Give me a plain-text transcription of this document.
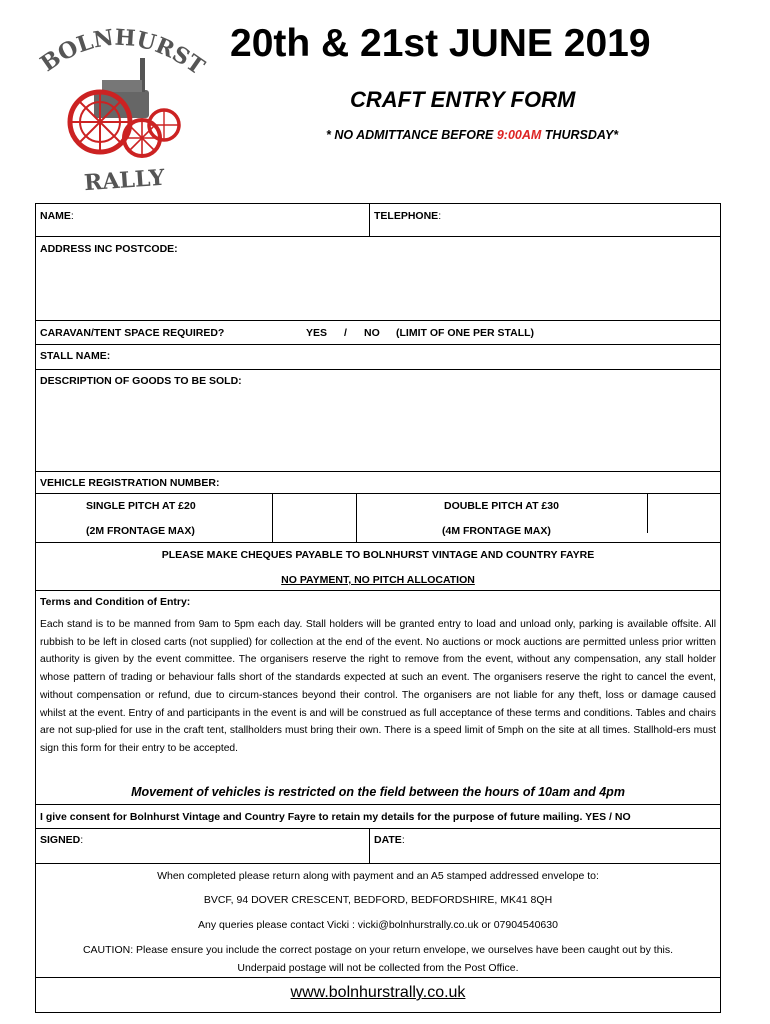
BOLNHURST
RALLY
20th & 21st JUNE 2019
CRAFT ENTRY FORM
* NO ADMITTANCE BEFORE 9:00AM THURSDAY*
NAME:	TELEPHONE:
ADDRESS INC POSTCODE:
CARAVAN/TENT SPACE REQUIRED?	YES / NO (LIMIT OF ONE PER STALL)
STALL NAME:
DESCRIPTION OF GOODS TO BE SOLD:
VEHICLE REGISTRATION NUMBER:
SINGLE PITCH AT £20
(2M FRONTAGE MAX)
DOUBLE PITCH AT £30
(4M FRONTAGE MAX)
PLEASE MAKE CHEQUES PAYABLE TO BOLNHURST VINTAGE AND COUNTRY FAYRE
NO PAYMENT, NO PITCH ALLOCATION
Terms and Condition of Entry:
Each stand is to be manned from 9am to 5pm each day. Stall holders will be granted entry to load and unload only, parking is available offsite. All rubbish to be left in closed carts (not supplied) for collection at the end of the event. No auctions or mock auctions are permitted unless prior written authority is given by the event committee. The organisers reserve the right to remove from the event, without any compensation, any stall holder whose pattern of trading or behaviour falls short of the standards expected at such an event. The organisers reserve the right to cancel the event, without compensation or refund, due to circum-stances beyond their control. The organisers are not liable for any theft, loss or damage caused whilst at the event. Entry of and participants in the event is and will be construed as full acceptance of these terms and conditions. Tables and chairs are not sup-plied for use in the craft tent, stallholders must bring their own. There is a speed limit of 5mph on the site at all times. Stallhold-ers must sign this form for their entry to be accepted.
Movement of vehicles is restricted on the field between the hours of 10am and 4pm
I give consent for Bolnhurst Vintage and Country Fayre to retain my details for the purpose of future mailing. YES / NO
SIGNED:	DATE:
When completed please return along with payment and an A5 stamped addressed envelope to:
BVCF, 94 DOVER CRESCENT, BEDFORD, BEDFORDSHIRE, MK41 8QH
Any queries please contact Vicki : vicki@bolnhurstrally.co.uk or 07904540630
CAUTION: Please ensure you include the correct postage on your return envelope, we ourselves have been caught out by this.
Underpaid postage will not be collected from the Post Office.
www.bolnhurstrally.co.uk
